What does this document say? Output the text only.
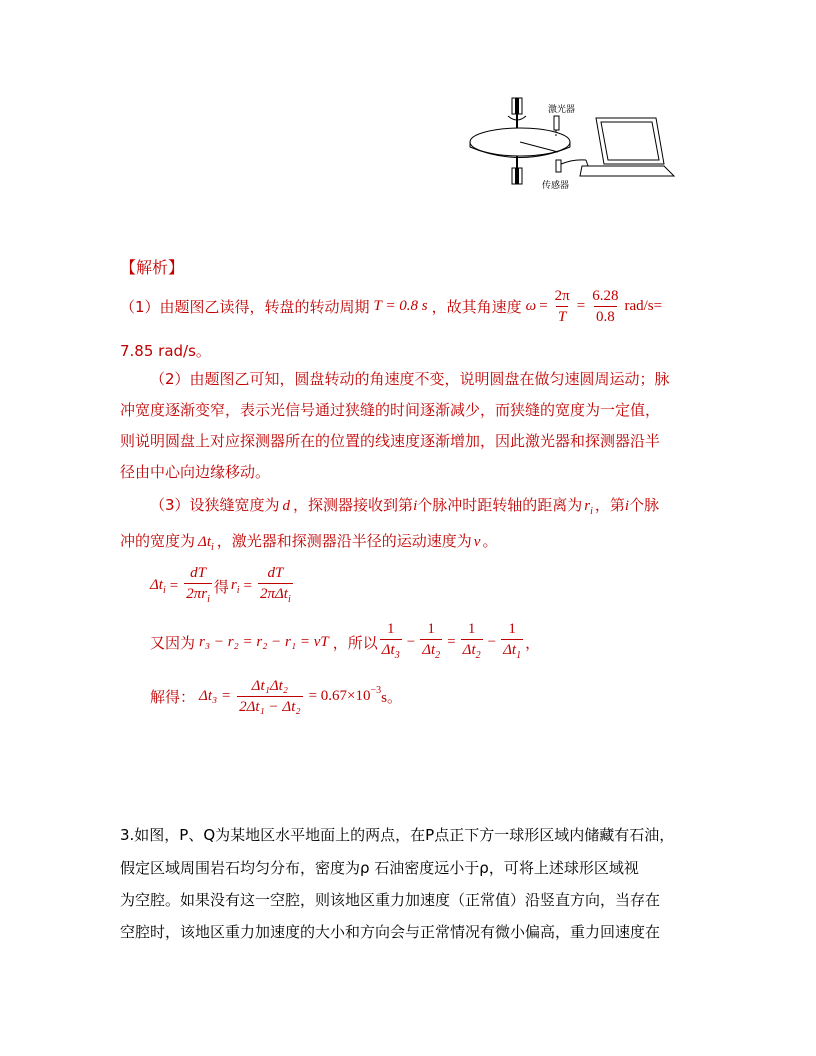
激光器
传感器
【解析】
（1）由题图乙读得，转盘的转动周期 T = 0.8 s ，故其角速度 $\omega = \frac{2\pi}{T} = \frac{6.28}{0.8} rad/s=$
7.85 rad/s。
（2）由题图乙可知，圆盘转动的角速度不变，说明圆盘在做匀速圆周运动；脉
冲宽度逐渐变窄，表示光信号通过狭缝的时间逐渐减少，而狭缝的宽度为一定值，
则说明圆盘上对应探测器所在的位置的线速度逐渐增加，因此激光器和探测器沿半
径由中心向边缘移动。
（3）设狭缝宽度为 d ，探测器接收到第i个脉冲时距转轴的距离为 $r_i$ ，第i个脉
冲的宽度为 $\Delta t_i$ ，激光器和探测器沿半径的运动速度为 v 。
$\Delta t_i = \frac{dT}{2\pi r_i}$ 得 $r_i = \frac{dT}{2\pi\Delta t_i}$
又因为 r₃ − r₂ = r₂ − r₁ = vT ，所以 $\frac{1}{\Delta t_3} - \frac{1}{\Delta t_2} = \frac{1}{\Delta t_2} - \frac{1}{\Delta t_1}$ ，
解得： $\Delta t_3 = \frac{\text{Δt₁Δt₂}}{\text{2Δt₁ − Δt₂}} = 0.67\times 10^{-3}$ s。
3.如图，P、Q为某地区水平地面上的两点，在P点正下方一球形区域内储藏有石油，
假定区域周围岩石均匀分布，密度为ρ 石油密度远小于ρ，可将上述球形区域视
为空腔。如果没有这一空腔，则该地区重力加速度（正常值）沿竖直方向，当存在
空腔时，该地区重力加速度的大小和方向会与正常情况有微小偏高，重力回速度在
